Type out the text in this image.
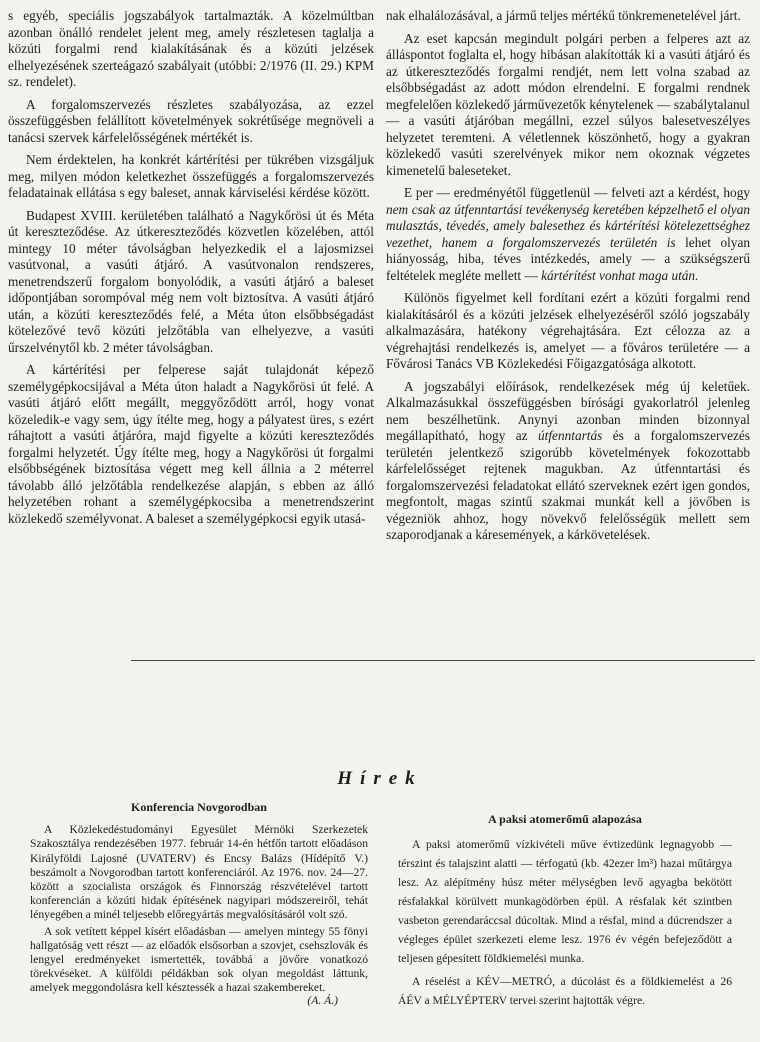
s egyéb, speciális jogszabályok tartalmazták. A közelmúltban azonban önálló rendelet jelent meg, amely részletesen taglalja a közúti forgalmi rend kialakításának és a közúti jelzések elhelyezésének szerteágazó szabályait (utóbbi: 2/1976 (II. 29.) KPM sz. rendelet).

A forgalomszervezés részletes szabályozása, az ezzel összefüggésben felállított követelmények sokrétűsége megnöveli a tanácsi szervek kárfelelősségének mértékét is.

Nem érdektelen, ha konkrét kártérítési per tükrében vizsgáljuk meg, milyen módon keletkezhet összefüggés a forgalomszervezés feladatainak ellátása s egy baleset, annak kárviselési kérdése között.

Budapest XVIII. kerületében található a Nagykőrösi út és Méta út kereszteződése. Az útkereszteződés közvetlen közelében, attól mintegy 10 méter távolságban helyezkedik el a lajosmizsei vasútvonal, a vasúti átjáró. A vasútvonalon rendszeres, menetrendszerű forgalom bonyolódik, a vasúti átjáró a baleset időpontjában sorompóval még nem volt biztosítva. A vasúti átjáró után, a közúti kereszteződés felé, a Méta úton elsőbbségadást kötelezővé tevő közúti jelzőtábla van elhelyezve, a vasúti űrszelvénytől kb. 2 méter távolságban.

A kártérítési per felperese saját tulajdonát képező személygépkocsijával a Méta úton haladt a Nagykőrösi út felé. A vasúti átjáró előtt megállt, meggyőződött arról, hogy vonat közeledik-e vagy sem, úgy ítélte meg, hogy a pályatest üres, s ezért ráhajtott a vasúti átjáróra, majd figyelte a közúti kereszteződés forgalmi helyzetét. Úgy ítélte meg, hogy a Nagykőrösi út forgalmi elsőbbségének biztosítása végett meg kell állnia a 2 méterrel távolabb álló jelzőtábla rendelkezése alapján, s ebben az álló helyzetében rohant a személygépkocsiba a menetrendszerint közlekedő személyvonat. A baleset a személygépkocsi egyik utasá-

nak elhalálozásával, a jármű teljes mértékű tönkremenetelével járt.

Az eset kapcsán megindult polgári perben a felperes azt az álláspontot foglalta el, hogy hibásan alakították ki a vasúti átjáró és az útkereszteződés forgalmi rendjét, nem lett volna szabad az elsőbbségadást az adott módon elrendelni. E forgalmi rendnek megfelelően közlekedő járművezetők kénytelenek — szabálytalanul — a vasúti átjáróban megállni, ezzel súlyos balesetveszélyes helyzetet teremteni. A véletlennek köszönhető, hogy a gyakran közlekedő vasúti szerelvények mikor nem okoznak végzetes kimenetelű baleseteket.

E per — eredményétől függetlenül — felveti azt a kérdést, hogy nem csak az útfenntartási tevékenység keretében képzelhető el olyan mulasztás, tévedés, amely balesethez és kártérítési kötelezettséghez vezethet, hanem a forgalomszervezés területén is lehet olyan hiányosság, hiba, téves intézkedés, amely — a szükségszerű feltételek megléte mellett — kártérítést vonhat maga után.

Különös figyelmet kell fordítani ezért a közúti forgalmi rend kialakításáról és a közúti jelzések elhelyezéséről szóló jogszabály alkalmazására, hatékony végrehajtására. Ezt célozza az a végrehajtási rendelkezés is, amelyet — a főváros területére — a Fővárosi Tanács VB Közlekedési Főigazgatósága alkotott.

A jogszabályi előírások, rendelkezések még új keletűek. Alkalmazásukkal összefüggésben bírósági gyakorlatról jelenleg nem beszélhetünk. Anynyi azonban minden bizonnyal megállapítható, hogy az útfenntartás és a forgalomszervezés területén jelentkező szigorúbb követelmények fokozottabb kárfelelősséget rejtenek magukban. Az útfenntartási és forgalomszervezési feladatokat ellátó szerveknek ezért igen gondos, megfontolt, magas szintű szakmai munkát kell a jövőben is végezniök ahhoz, hogy növekvő felelősségük mellett sem szaporodjanak a káresemények, a kárkövetelések.

Hírek
Konferencia Novgorodban

A Közlekedéstudományi Egyesület Mérnöki Szerkezetek Szakosztálya rendezésében 1977. február 14-én hétfőn tartott előadáson Királyföldi Lajosné (UVATERV) és Encsy Balázs (Hídépítő V.) beszámolt a Novgorodban tartott konferenciáról. Az 1976. nov. 24—27. között a szocialista országok és Finnország részvételével tartott konferencián a közúti hidak építésének nagyipari módszereiről, tehát lényegében a minél teljesebb előregyártás megvalósításáról volt szó.

A sok vetített képpel kísért előadásban — amelyen mintegy 55 fönyi hallgatóság vett részt — az előadók elsősorban a szovjet, csehszlovák és lengyel eredményeket ismertették, továbbá a jövőre vonatkozó törekvéseket. A külföldi példákban sok olyan megoldást láttunk, amelyek meggondolásra kell késztessék a hazai szakembereket.

(A. Á.)
A paksi atomerőmű alapozása

A paksi atomerőmű vízkivételi műve évtizedünk legnagyobb — térszint és talajszint alatti — térfogatú (kb. 42ezer lm³) hazai műtárgya lesz. Az alépítmény húsz méter mélységben levő agyagba bekötött résfalakkal körülvett munkagödörben épül. A résfalak két szintben vasbeton gerendaráccsal dúcoltak. Mind a résfal, mind a dúcrendszer a végleges épület szerkezeti eleme lesz. 1976 év végén befejeződött a teljesen gépesített földkiemelési munka.

A réselést a KÉV—METRÓ, a dúcolást és a földkiemelést a 26 ÁÉV a MÉLYÉPTERV tervei szerint hajtották végre.
